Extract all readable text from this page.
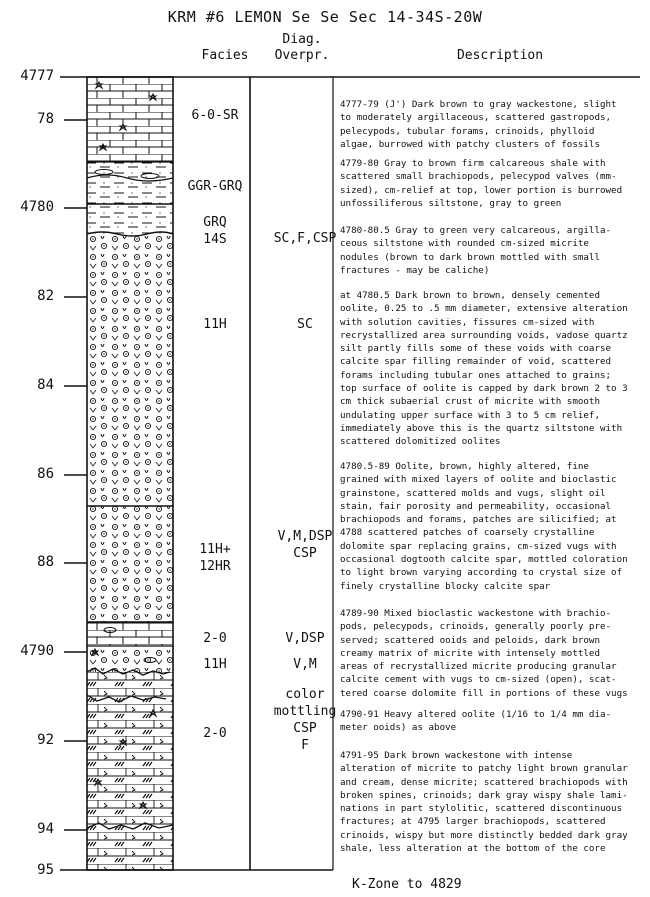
KRM #6 LEMON Se Se Sec 14-34S-20W
Facies
Diag.
Overpr.	Description
4777
78
4780
82
84
86
88
4790
92
94
95
6-0-SR
GGR-GRQ
GRQ
14S
11H
11H+
12HR
2-0
11H
2-0
SC,F,CSP
SC
V,M,DSP
CSP
V,DSP
V,M
color
mottling
CSP
F
4777-79 (J') Dark brown to gray wackestone, slight
to moderately argillaceous, scattered gastropods,
pelecypods, tubular forams, crinoids, phylloid
algae, burrowed with patchy clusters of fossils
4779-80 Gray to brown firm calcareous shale with
scattered small brachiopods, pelecypod valves (mm-
sized), cm-relief at top, lower portion is burrowed
unfossiliferous siltstone, gray to green
4780-80.5 Gray to green very calcareous, argilla-
ceous siltstone with rounded cm-sized micrite
nodules (brown to dark brown mottled with small
fractures - may be caliche)
at 4780.5 Dark brown to brown, densely cemented
oolite, 0.25 to .5 mm diameter, extensive alteration
with solution cavities, fissures cm-sized with
recrystallized area surrounding voids, vadose quartz
silt partly fills some of these voids with coarse
calcite spar filling remainder of void, scattered
forams including tubular ones attached to grains;
top surface of oolite is capped by dark brown 2 to 3
cm thick subaerial crust of micrite with smooth
undulating upper surface with 3 to 5 cm relief,
immediately above this is the quartz siltstone with
scattered dolomitized oolites
4780.5-89 Oolite, brown, highly altered, fine
grained with mixed layers of oolite and bioclastic
grainstone, scattered molds and vugs, slight oil
stain, fair porosity and permeability, occasional
brachiopods and forams, patches are silicified; at
4788 scattered patches of coarsely crystalline
dolomite spar replacing grains, cm-sized vugs with
occasional dogtooth calcite spar, mottled coloration
to light brown varying according to crystal size of
finely crystalline blocky calcite spar
4789-90 Mixed bioclastic wackestone with brachio-
pods, pelecypods, crinoids, generally poorly pre-
served; scattered ooids and peloids, dark brown
creamy matrix of micrite with intensely mottled
areas of recrystallized micrite producing granular
calcite cement with vugs to cm-sized (open), scat-
tered coarse dolomite fill in portions of these vugs
4790-91 Heavy altered oolite (1/16 to 1/4 mm dia-
meter ooids) as above
4791-95 Dark brown wackestone with intense
alteration of micrite to patchy light brown granular
and cream, dense micrite; scattered brachiopods with
broken spines, crinoids; dark gray wispy shale lami-
nations in part stylolitic, scattered discontinuous
fractures; at 4795 larger brachiopods, scattered
crinoids, wispy but more distinctly bedded dark gray
shale, less alteration at the bottom of the core
K-Zone to 4829
